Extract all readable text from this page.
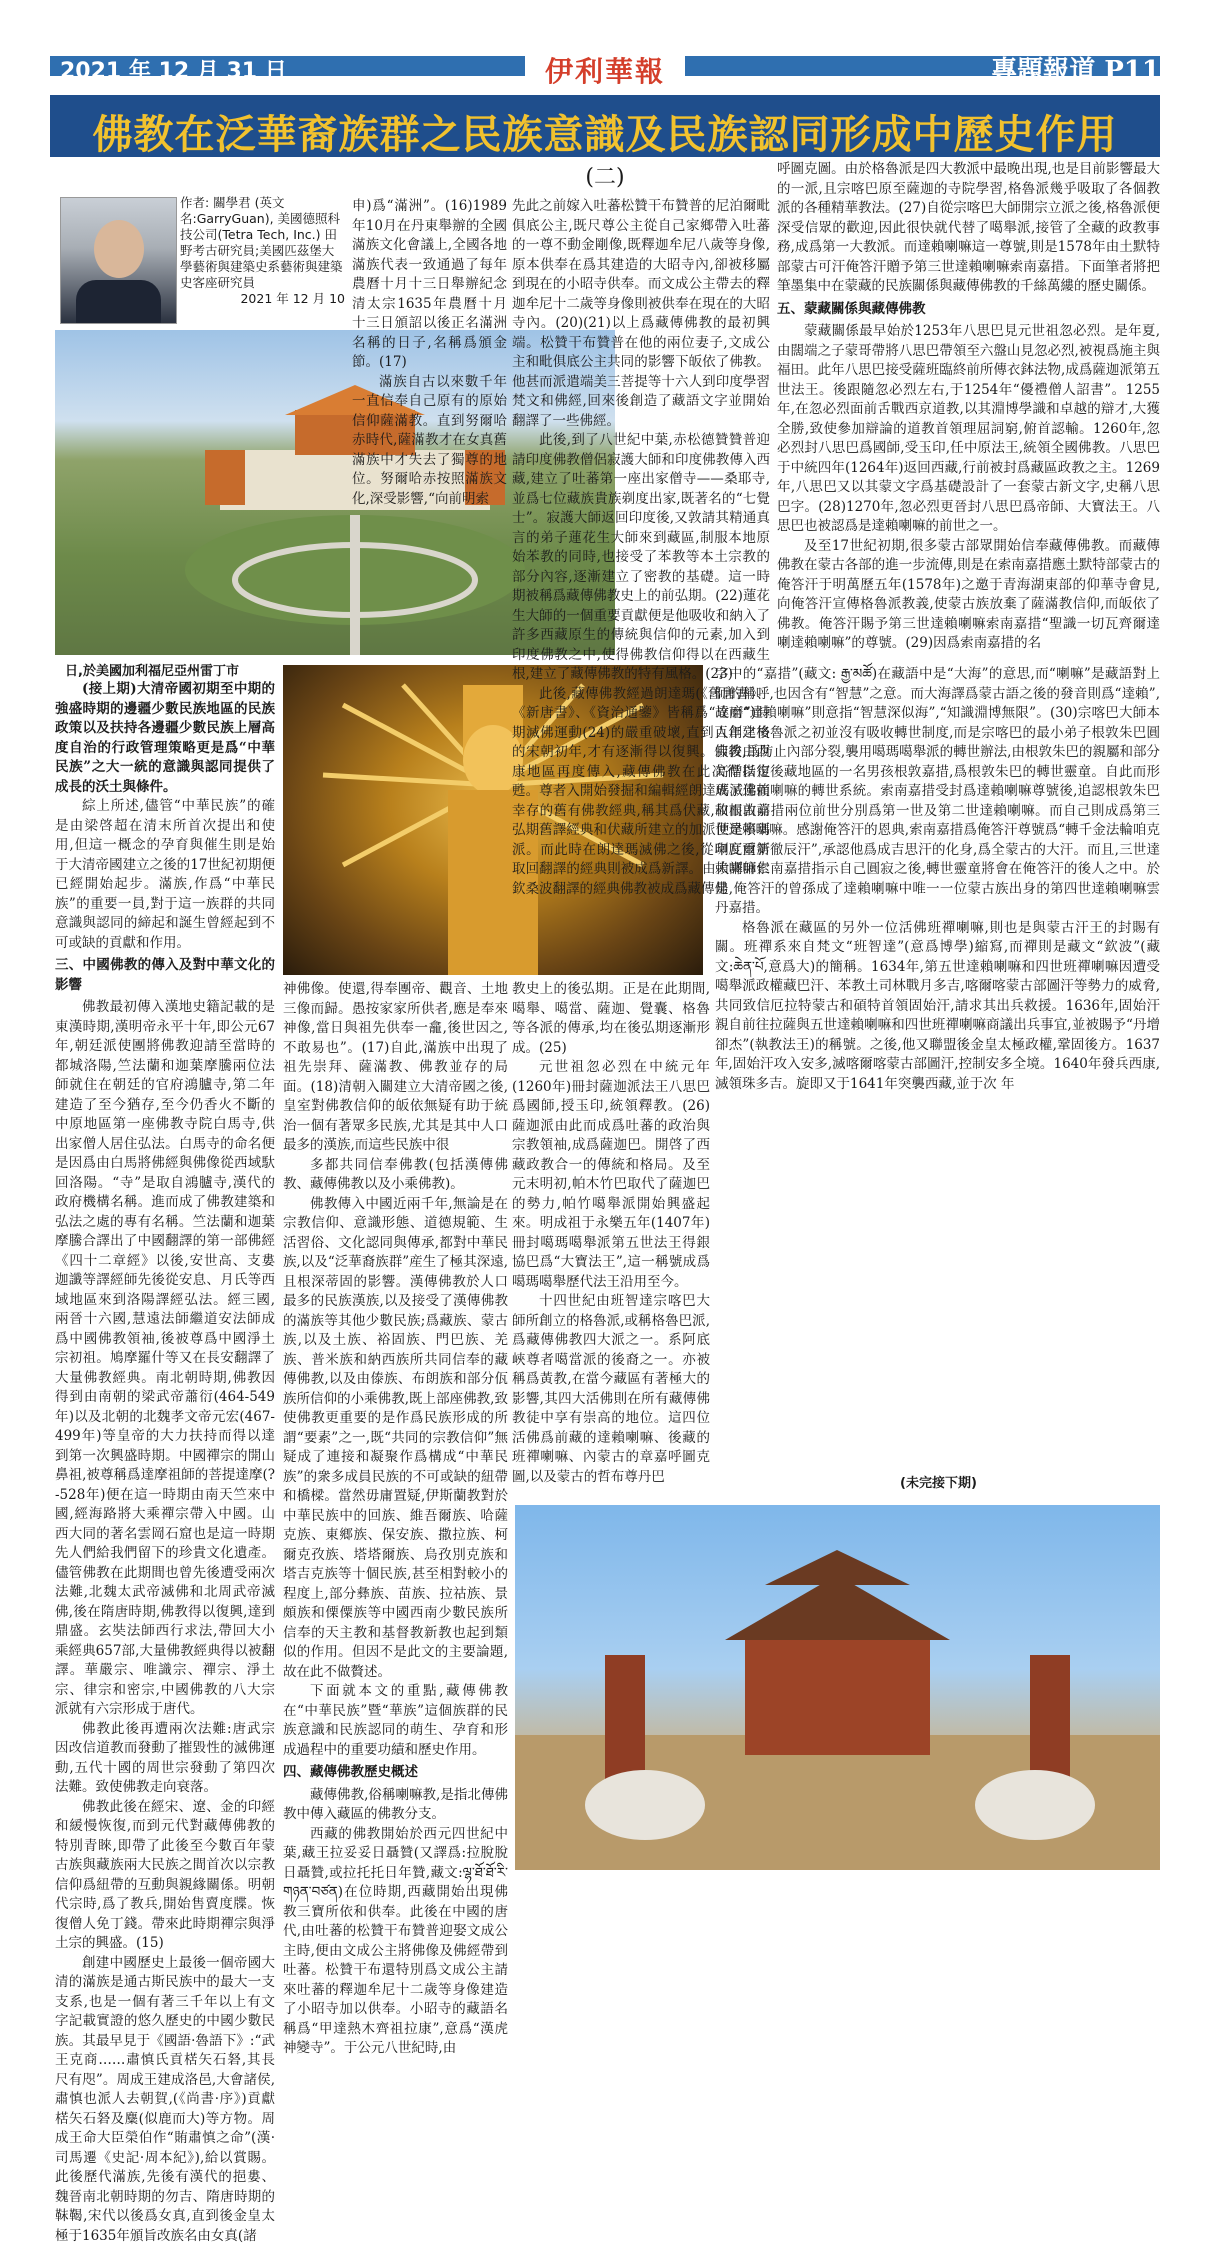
2021 年 12 月 31 日	伊利華報	專題報道 P11
佛教在泛華裔族群之民族意識及民族認同形成中歷史作用
(二)
作者: 關學君 (英文名:GarryGuan), 美國德照科技公司(Tetra Tech, Inc.) 田野考古研究員;美國匹茲堡大學藝術與建築史系藝術與建築史客座研究員
2021 年 12 月 10
日,於美國加利福尼亞州雷丁市

申)爲“滿洲”。(16)1989年10月在丹東舉辦的全國滿族文化會議上,全國各地滿族代表一致通過了每年農曆十月十三日舉辦紀念清太宗1635年農曆十月十三日頒詔以後正名滿洲名稱的日子,名稱爲頒金節。(17)

滿族自古以來數千年一直信奉自己原有的原始信仰薩滿教。直到努爾哈赤時代,薩滿教才在女真舊滿族中才失去了獨尊的地位。努爾哈赤按照滿族文化,深受影響,“向前明索

先此之前嫁入吐蕃松贊干布贊普的尼泊爾毗俱底公主,既尺尊公主從自己家鄉帶入吐蕃的一尊不動金剛像,既釋迦牟尼八歲等身像,原本供奉在爲其建造的大昭寺內,卻被移屬到現在的小昭寺供奉。而文成公主帶去的釋迦牟尼十二歲等身像則被供奉在現在的大昭寺內。(20)(21)以上爲藏傳佛教的最初興端。松贊干布贊普在他的兩位妻子,文成公主和毗俱底公主共同的影響下皈依了佛教。他甚而派遣端美三菩提等十六人到印度學習梵文和佛經,回來後創造了藏語文字並開始翻譯了一些佛經。

此後,到了八世紀中葉,赤松德贊贊普迎請印度佛教僧侶寂護大師和印度佛教傳入西藏,建立了吐蕃第一座出家僧寺——桑耶寺,並爲七位藏族貴族剃度出家,既著名的“七覺士”。寂護大師返回印度後,又敦請其精通真言的弟子蓮花生大師來到藏區,制服本地原始苯教的同時,也接受了苯教等本土宗教的部分內容,逐漸建立了密教的基礎。這一時期被稱爲藏傳佛教史上的前弘期。(22)蓮花生大師的一個重要貢獻便是他吸收和納入了許多西藏原生的傳統與信仰的元素,加入到印度佛教之中,使得佛教信仰得以在西藏生根,建立了藏傳佛教的特有風格。(23)

此後,藏傳佛教經過朗達瑪(《舊唐書》、《新唐書》、《資治通鑒》皆稱爲“達磨”)時期滅佛運動(24)的嚴重破壞,直到百年之後的宋朝初年,才有逐漸得以復興。佛教由西康地區再度傳入,藏傳佛教在此次得以復甦。尊者入開始發掘和編輯經朗達瑪滅佛而幸存的舊有佛教經典,稱其爲伏藏,故而由前弘期舊譯經典和伏藏所建立的加派便是寧瑪派。而此時在朗達瑪滅佛之後,從印度重新取回翻譯的經典則被成爲新譯。由大譯師仁欽桑波翻譯的經典佛教被成爲藏傳佛

呼圖克圖。由於格魯派是四大教派中最晚出現,也是目前影響最大的一派,且宗喀巴原至薩迦的寺院學習,格魯派幾乎吸取了各個教派的各種精華教法。(27)自從宗喀巴大師開宗立派之後,格魯派便深受信眾的歡迎,因此很快就代替了噶舉派,接管了全藏的政教事務,成爲第一大教派。而達賴喇嘛這一尊號,則是1578年由土默特部蒙古可汗俺答汗贈予第三世達賴喇嘛索南嘉措。下面筆者將把筆墨集中在蒙藏的民族關係與藏傳佛教的千絲萬縷的歷史關係。

五、蒙藏關係與藏傳佛教

蒙藏關係最早始於1253年八思巴見元世祖忽必烈。是年夏,由闊端之子蒙哥帶將八思巴帶領至六盤山見忽必烈,被視爲施主與福田。此年八思巴接受薩班臨終前所傳衣鉢法物,成爲薩迦派第五世法王。後跟隨忽必烈左右,于1254年“優禮僧人詔書”。1255年,在忽必烈面前舌戰西京道教,以其淵博學識和卓越的辯才,大獲全勝,致使參加辯論的道教首領理屈詞窮,俯首認輸。1260年,忽必烈封八思巴爲國師,受玉印,任中原法王,統領全國佛教。八思巴于中統四年(1264年)返回西藏,行前被封爲藏區政教之主。1269年,八思巴又以其蒙文字爲基礎設計了一套蒙古新文字,史稱八思巴字。(28)1270年,忽必烈更晉封八思巴爲帝師、大寶法王。八思巴也被認爲是達賴喇嘛的前世之一。

及至17世紀初期,很多蒙古部眾開始信奉藏傳佛教。而藏傳佛教在蒙古各部的進一步流傳,則是在索南嘉措應土默特部蒙古的俺答汗于明萬歷五年(1578年)之邀于青海湖東部的仰華寺會見,向俺答汗宣傳格魯派教義,使蒙古族放棄了薩滿教信仰,而皈依了佛教。俺答汗賜予第三世達賴喇嘛索南嘉措“聖識一切瓦齊爾達喇達賴喇嘛”的尊號。(29)因爲索南嘉措的名

(接上期)大清帝國初期至中期的強盛時期的邊疆少數民族地區的民族政策以及扶持各邊疆少數民族上層高度自治的行政管理策略更是爲“中華民族”之大一統的意識與認同提供了成長的沃土與條件。

綜上所述,儘管“中華民族”的確是由梁啓超在清末所首次提出和使用,但這一概念的孕育與催生則是始于大清帝國建立之後的17世紀初期便已經開始起步。滿族,作爲“中華民族”的重要一員,對于這一族群的共同意識與認同的締起和誕生曾經起到不可或缺的貢獻和作用。

三、中國佛教的傳入及對中華文化的影響

佛教最初傳入漢地史籍記載的是東漢時期,漢明帝永平十年,即公元67年,朝廷派使團將佛教迎請至當時的都城洛陽,竺法蘭和迦葉摩騰兩位法師就住在朝廷的官府鴻臚寺,第二年建造了至今猶存,至今仍香火不斷的中原地區第一座佛教寺院白馬寺,供出家僧人居住弘法。白馬寺的命名便是因爲由白馬將佛經與佛像從西域馱回洛陽。“寺”是取自鴻臚寺,漢代的政府機構名稱。進而成了佛教建築和弘法之處的專有名稱。竺法蘭和迦葉摩騰合譯出了中國翻譯的第一部佛經《四十二章經》以後,安世高、支婁迦讖等譯經師先後從安息、月氏等西域地區來到洛陽譯經弘法。經三國,兩晉十六國,慧遠法師繼道安法師成爲中國佛教領袖,後被尊爲中國淨土宗初祖。鳩摩羅什等又在長安翻譯了大量佛教經典。南北朝時期,佛教因得到由南朝的梁武帝蕭衍(464-549年)以及北朝的北魏孝文帝元宏(467-499年)等皇帝的大力扶持而得以達到第一次興盛時期。中國禪宗的開山鼻祖,被尊稱爲達摩祖師的菩提達摩(?-528年)便在這一時期由南天竺來中國,經海路將大乘禪宗帶入中國。山西大同的著名雲岡石窟也是這一時期先人們給我們留下的珍貴文化遺產。儘管佛教在此期間也曾先後遭受兩次法難,北魏太武帝滅佛和北周武帝滅佛,後在隋唐時期,佛教得以復興,達到鼎盛。玄奘法師西行求法,帶回大小乘經典657部,大量佛教經典得以被翻譯。華嚴宗、唯識宗、禪宗、淨土宗、律宗和密宗,中國佛教的八大宗派就有六宗形成于唐代。

佛教此後再遭兩次法難:唐武宗因改信道教而發動了摧毀性的滅佛運動,五代十國的周世宗發動了第四次法難。致使佛教走向衰落。

佛教此後在經宋、遼、金的印經和緩慢恢復,而到元代對藏傳佛教的特別青睞,即帶了此後至今數百年蒙古族與藏族兩大民族之間首次以宗教信仰爲紐帶的互動與親緣關係。明朝代宗時,爲了教兵,開始售賣度牒。恢復僧人免丁錢。帶來此時期禪宗與淨土宗的興盛。(15)

創建中國歷史上最後一個帝國大清的滿族是通古斯民族中的最大一支支系,也是一個有著三千年以上有文字記載實證的悠久歷史的中國少數民族。其最早見于《國語·魯語下》:“武王克商……肅慎氏貢楛矢石砮,其長尺有咫”。周成王建成洛邑,大會諸侯,肅慎也派人去朝賀,(《尚書·序》)貢獻楛矢石砮及麋(似鹿而大)等方物。周成王命大臣榮伯作“賄肅慎之命”(漢·司馬遷《史記·周本紀》),給以賞賜。此後歷代滿族,先後有漢代的挹婁、魏晉南北朝時期的勿吉、隋唐時期的靺鞨,宋代以後爲女真,直到後金皇太極于1635年頒旨改族名由女真(諸

神佛像。使還,得奉團帝、觀音、土地三像而歸。愚按家家所供者,應是奉來神像,當日與祖先供奉一龕,後世因之,不敢易也”。(17)自此,滿族中出現了祖先崇拜、薩滿教、佛教並存的局面。(18)清朝入關建立大清帝國之後,皇室對佛教信仰的皈依無疑有助于統治一個有著眾多民族,尤其是其中人口最多的漢族,而這些民族中很

多都共同信奉佛教(包括漢傳佛教、藏傳佛教以及小乘佛教)。

佛教傳入中國近兩千年,無論是在宗教信仰、意識形態、道德規範、生活習俗、文化認同與傳承,都對中華民族,以及“泛華裔族群”産生了極其深遠,且根深蒂固的影響。漢傳佛教於人口最多的民族漢族,以及接受了漢傳佛教的滿族等其他少數民族;爲藏族、蒙古族,以及土族、裕固族、門巴族、羌族、普米族和納西族所共同信奉的藏傳佛教,以及由傣族、布朗族和部分佤族所信仰的小乘佛教,既上部座佛教,致使佛教更重要的是作爲民族形成的所謂“要素”之一,既“共同的宗教信仰”無疑成了連接和凝聚作爲構成“中華民族”的衆多成員民族的不可或缺的紐帶和橋樑。當然毋庸置疑,伊斯蘭教對於中華民族中的回族、維吾爾族、哈薩克族、東鄉族、保安族、撒拉族、柯爾克孜族、塔塔爾族、烏孜別克族和塔吉克族等十個民族,甚至相對較小的程度上,部分彝族、苗族、拉祜族、景頗族和傈僳族等中國西南少數民族所信奉的天主教和基督教新教也起到類似的作用。但因不是此文的主要論題,故在此不做贅述。

下面就本文的重點,藏傳佛教在“中華民族”暨“華族”這個族群的民族意識和民族認同的萌生、孕育和形成過程中的重要功績和歷史作用。

四、藏傳佛教歷史概述

藏傳佛教,俗稱喇嘛教,是指北傳佛教中傳入藏區的佛教分支。

西藏的佛教開始於西元四世紀中葉,藏王拉妥妥日聶贊(又譯爲:拉脫脫日聶贊,或拉托托日年贊,藏文:ལྷ་ཐོ་ཐོ་རི་གཉན་བཙན)在位時期,西藏開始出現佛教三寶所依和供奉。此後在中國的唐代,由吐蕃的松贊干布贊普迎娶文成公主時,便由文成公主將佛像及佛經帶到吐蕃。松贊干布還特別爲文成公主請來吐蕃的釋迦牟尼十二歲等身像建造了小昭寺加以供奉。小昭寺的藏語名稱爲“甲達熱木齊祖拉康”,意爲“漢虎神變寺”。于公元八世紀時,由

教史上的後弘期。正是在此期間,噶舉、噶當、薩迦、覺囊、格魯等各派的傳承,均在後弘期逐漸形成。(25)

元世祖忽必烈在中統元年(1260年)冊封薩迦派法王八思巴爲國師,授玉印,統領釋教。(26)薩迦派由此而成爲吐蕃的政治與宗教領袖,成爲薩迦巴。開啓了西藏政教合一的傳統和格局。及至元末明初,帕木竹巴取代了薩迦巴的勢力,帕竹噶舉派開始興盛起來。明成祖于永樂五年(1407年)冊封噶瑪噶舉派第五世法王得銀協巴爲“大寶法王”,這一稱號成爲噶瑪噶舉歷代法王沿用至今。

十四世紀由班智達宗喀巴大師所創立的格魯派,或稱格魯巴派,爲藏傳佛教四大派之一。系阿底峽尊者噶當派的後裔之一。亦被稱爲黃教,在當今藏區有著極大的影響,其四大活佛則在所有藏傳佛教徒中享有崇高的地位。這四位活佛爲前藏的達賴喇嘛、後藏的班禪喇嘛、內蒙古的章嘉呼圖克圖,以及蒙古的哲布尊丹巴

字中的“嘉措”(藏文: རྒྱ་མཚོ)在藏語中是“大海”的意思,而“喇嘛”是藏語對上師的稱呼,也因含有“智慧”之意。而大海譯爲蒙古語之後的發音則爲“達賴”,故而“達賴喇嘛”則意指“智慧深似海”,“知識淵博無限”。(30)宗喀巴大師本人創建格魯派之初並沒有吸收轉世制度,而是宗喀巴的最小弟子根敦朱巴圓寂後,爲防止內部分裂,襲用噶瑪噶舉派的轉世辦法,由根敦朱巴的親屬和部分高僧指定後藏地區的一名男孩根敦嘉措,爲根敦朱巴的轉世靈童。自此而形成了達賴喇嘛的轉世系統。索南嘉措受封爲達賴喇嘛尊號後,追認根敦朱巴和根敦嘉措兩位前世分別爲第一世及第二世達賴喇嘛。而自己則成爲第三世達賴喇嘛。感謝俺答汗的恩典,索南嘉措爲俺答汗尊號爲“轉千金法輪咱克喇瓦爾第徹辰汗”,承認他爲成吉思汗的化身,爲全蒙古的大汗。而且,三世達賴喇嘛索南嘉措指示自己圓寂之後,轉世靈童將會在俺答汗的後人之中。於是,俺答汗的曾孫成了達賴喇嘛中唯一一位蒙古族出身的第四世達賴喇嘛雲丹嘉措。

格魯派在藏區的另外一位活佛班禪喇嘛,則也是與蒙古汗王的封賜有關。班禪系來自梵文“班智達”(意爲博學)縮寫,而禪則是藏文“欽波”(藏文:ཆེན་པོ,意爲大)的簡稱。1634年,第五世達賴喇嘛和四世班禪喇嘛因遭受噶舉派政權藏巴汗、苯教土司林戰月多吉,喀爾喀蒙古部圖汗等勢力的威脅,共同致信厄拉特蒙古和碩特首領固始汗,請求其出兵救援。1636年,固始汗親自前往拉薩與五世達賴喇嘛和四世班禪喇嘛商議出兵事宜,並被賜予“丹增卻杰”(執教法王)的稱號。之後,他又聯盟後金皇太極政權,鞏固後方。1637年,固始汗攻入安多,滅喀爾喀蒙古部圖汗,控制安多全境。1640年發兵西康,滅領珠多吉。旋即又于1641年突襲西藏,並于次 年

(未完接下期)
